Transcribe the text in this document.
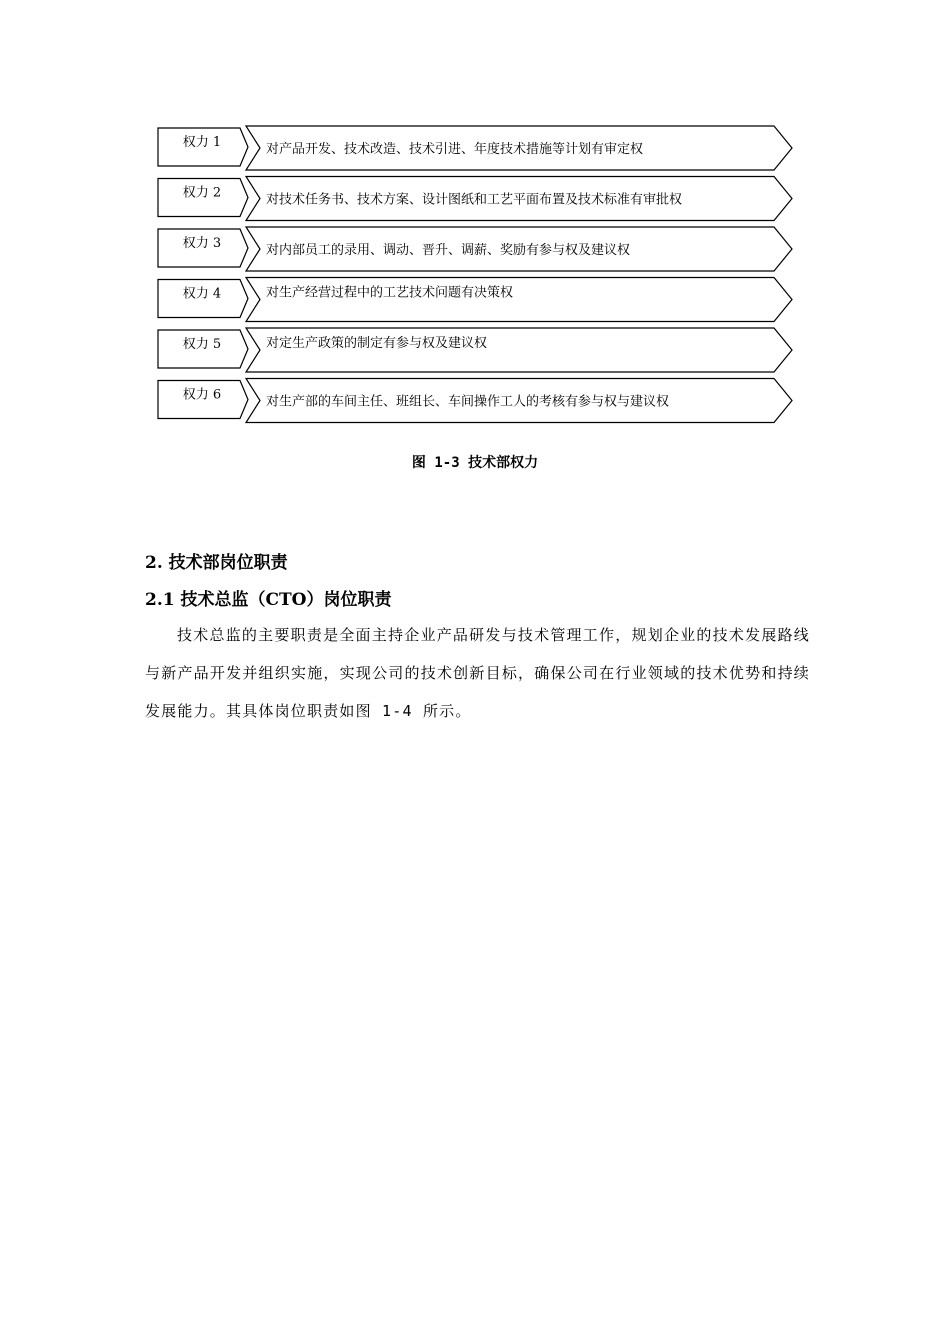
权力 1	对产品开发、技术改造、技术引进、年度技术措施等计划有审定权
权力 2	对技术任务书、技术方案、设计图纸和工艺平面布置及技术标准有审批权
权力 3	对内部员工的录用、调动、晋升、调薪、奖励有参与权及建议权
权力 4	对生产经营过程中的工艺技术问题有决策权
权力 5	对定生产政策的制定有参与权及建议权
权力 6	对生产部的车间主任、班组长、车间操作工人的考核有参与权与建议权
图 1-3 技术部权力
2. 技术部岗位职责
2.1 技术总监（CTO）岗位职责
技术总监的主要职责是全面主持企业产品研发与技术管理工作，规划企业的技术发展路线与新产品开发并组织实施，实现公司的技术创新目标，确保公司在行业领域的技术优势和持续发展能力。其具体岗位职责如图 1-4 所示。
